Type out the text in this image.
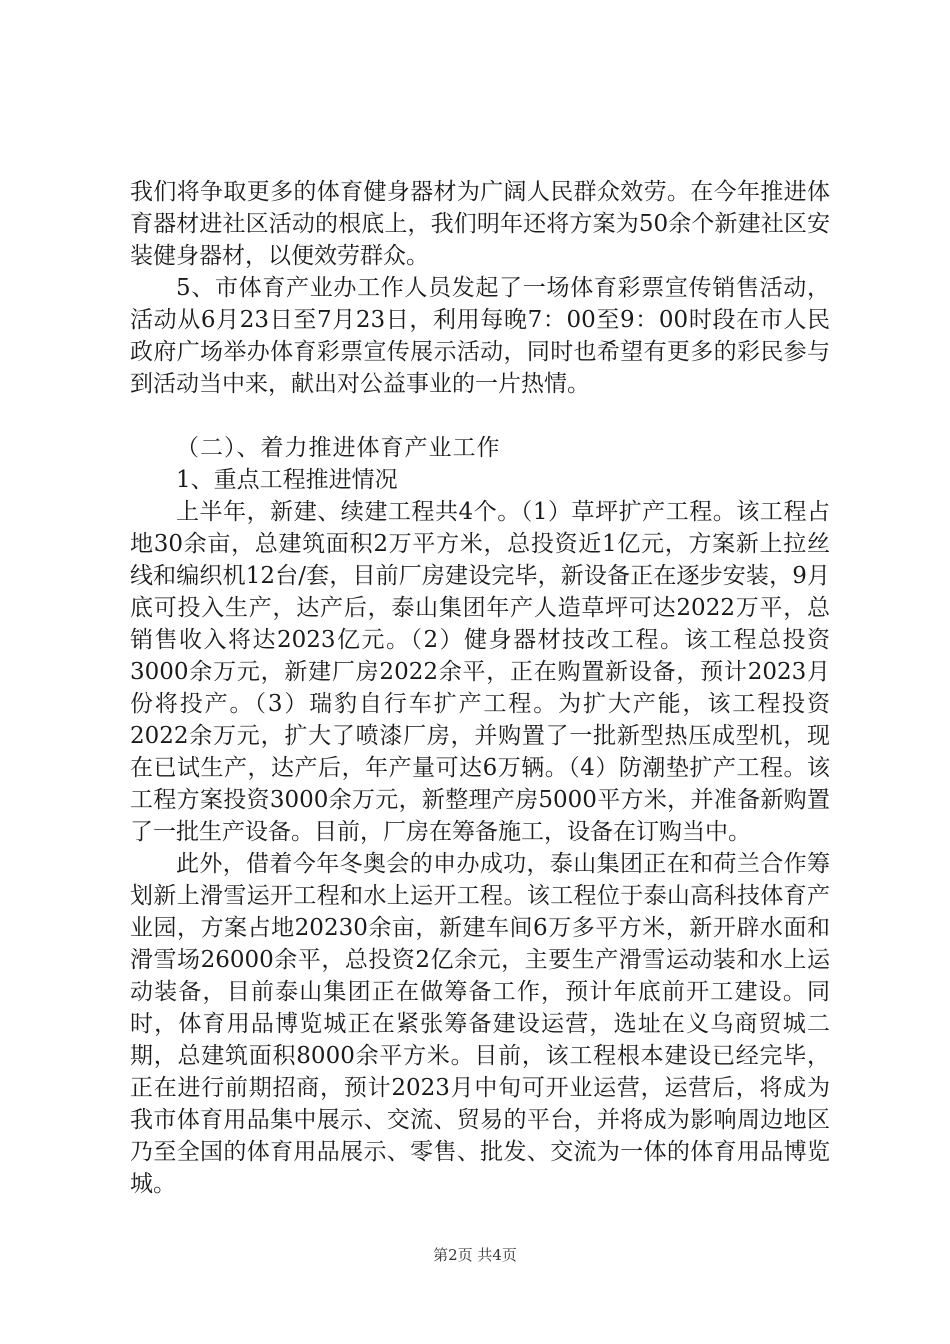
我们将争取更多的体育健身器材为广阔人民群众效劳。在今年推进体育器材进社区活动的根底上，我们明年还将方案为50余个新建社区安装健身器材，以便效劳群众。

5、市体育产业办工作人员发起了一场体育彩票宣传销售活动，活动从6月23日至7月23日，利用每晚7：00至9：00时段在市人民政府广场举办体育彩票宣传展示活动，同时也希望有更多的彩民参与到活动当中来，献出对公益事业的一片热情。

（二）、着力推进体育产业工作

1、重点工程推进情况

上半年，新建、续建工程共4个。（1）草坪扩产工程。该工程占地30余亩，总建筑面积2万平方米，总投资近1亿元，方案新上拉丝线和编织机12台/套，目前厂房建设完毕，新设备正在逐步安装，9月底可投入生产，达产后，泰山集团年产人造草坪可达2022万平，总销售收入将达2023亿元。（2）健身器材技改工程。该工程总投资3000余万元，新建厂房2022余平，正在购置新设备，预计2023月份将投产。（3）瑞豹自行车扩产工程。为扩大产能，该工程投资2022余万元，扩大了喷漆厂房，并购置了一批新型热压成型机，现在已试生产，达产后，年产量可达6万辆。（4）防潮垫扩产工程。该工程方案投资3000余万元，新整理产房5000平方米，并准备新购置了一批生产设备。目前，厂房在筹备施工，设备在订购当中。

此外，借着今年冬奥会的申办成功，泰山集团正在和荷兰合作筹划新上滑雪运开工程和水上运开工程。该工程位于泰山高科技体育产业园，方案占地20230余亩，新建车间6万多平方米，新开辟水面和滑雪场26000余平，总投资2亿余元，主要生产滑雪运动装和水上运动装备，目前泰山集团正在做筹备工作，预计年底前开工建设。同时，体育用品博览城正在紧张筹备建设运营，选址在义乌商贸城二期，总建筑面积8000余平方米。目前，该工程根本建设已经完毕，正在进行前期招商，预计2023月中旬可开业运营，运营后，将成为我市体育用品集中展示、交流、贸易的平台，并将成为影响周边地区乃至全国的体育用品展示、零售、批发、交流为一体的体育用品博览城。

第2页 共4页
